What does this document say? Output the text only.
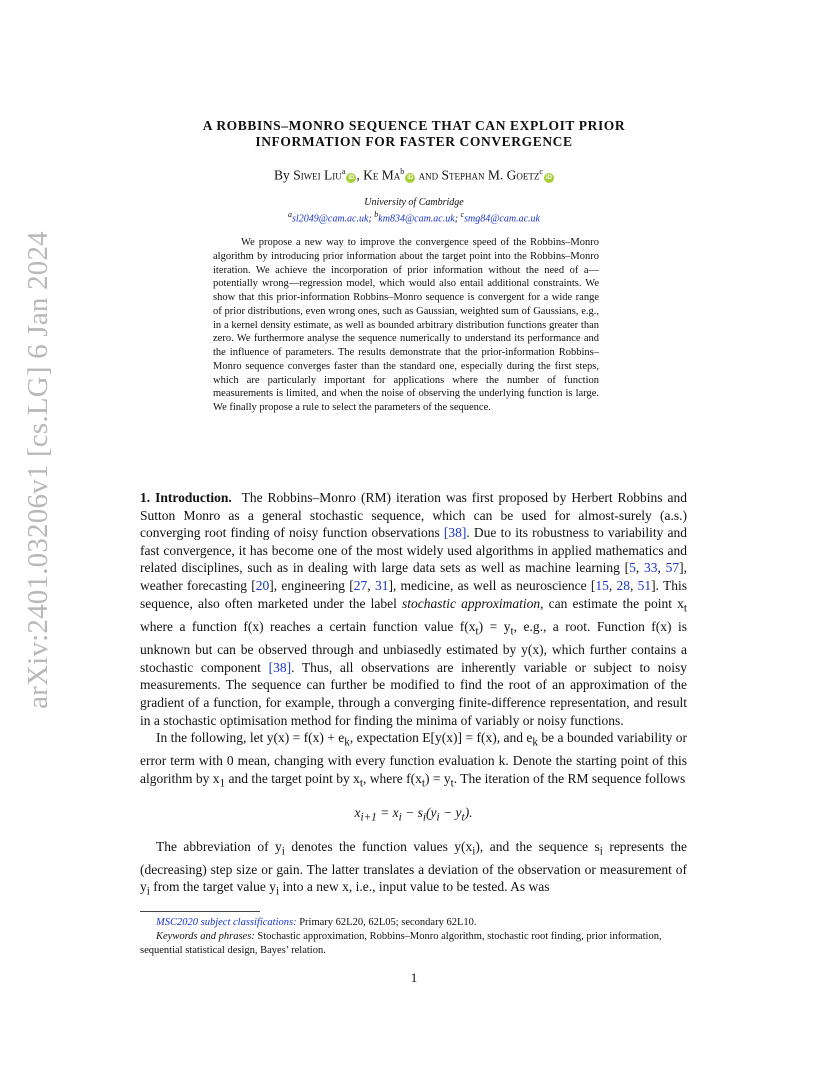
arXiv:2401.03206v1 [cs.LG] 6 Jan 2024
A ROBBINS–MONRO SEQUENCE THAT CAN EXPLOIT PRIOR INFORMATION FOR FASTER CONVERGENCE
By Siwei Liu$^a$iD , Ke Ma$^b$iD and Stephan M. Goetz$^c$iD
University of Cambridge
$^a$sl2049@cam.ac.uk; $^b$km834@cam.ac.uk; $^c$smg84@cam.ac.uk

We propose a new way to improve the convergence speed of the Robbins–Monro algorithm by introducing prior information about the target point into the Robbins–Monro iteration. We achieve the incorporation of prior information without the need of a—potentially wrong—regression model, which would also entail additional constraints. We show that this prior-information Robbins–Monro sequence is convergent for a wide range of prior distributions, even wrong ones, such as Gaussian, weighted sum of Gaussians, e.g., in a kernel density estimate, as well as bounded arbitrary distribution functions greater than zero. We furthermore analyse the sequence numerically to understand its performance and the influence of parameters. The results demonstrate that the prior-information Robbins–Monro sequence converges faster than the standard one, especially during the first steps, which are particularly important for applications where the number of function measurements is limited, and when the noise of observing the underlying function is large. We finally propose a rule to select the parameters of the sequence.

1. Introduction. The Robbins–Monro (RM) iteration was first proposed by Herbert Robbins and Sutton Monro as a general stochastic sequence, which can be used for almost-surely (a.s.) converging root finding of noisy function observations [38]. Due to its robustness to variability and fast convergence, it has become one of the most widely used algorithms in applied mathematics and related disciplines, such as in dealing with large data sets as well as machine learning [5, 33, 57], weather forecasting [20], engineering [27, 31], medicine, as well as neuroscience [15, 28, 51]. This sequence, also often marketed under the label stochastic approximation, can estimate the point $x_t$ where a function f(x) reaches a certain function value $f(x_t) = y_t$, e.g., a root. Function f(x) is unknown but can be observed through and unbiasedly estimated by y(x), which further contains a stochastic component [38]. Thus, all observations are inherently variable or subject to noisy measurements. The sequence can further be modified to find the root of an approximation of the gradient of a function, for example, through a converging finite-difference representation, and result in a stochastic optimisation method for finding the minima of variably or noisy functions.

In the following, let $y(x) = f(x) + e_k$, expectation E[y(x)] = f(x), and $e_k$ be a bounded variability or error term with 0 mean, changing with every function evaluation k. Denote the starting point of this algorithm by $x_1$ and the target point by $x_t$, where $f(x_t) = y_t$. The iteration of the RM sequence follows

$x_{i+1} = x_i - s_i(y_i - y_t)$.

The abbreviation of $y_i$ denotes the function values $y(x_i)$, and the sequence $s_i$ represents the (decreasing) step size or gain. The latter translates a deviation of the observation or measurement of $y_i$ from the target value $y_i$ into a new x, i.e., input value to be tested. As was

MSC2020 subject classifications: Primary 62L20, 62L05; secondary 62L10.

Keywords and phrases: Stochastic approximation, Robbins–Monro algorithm, stochastic root finding, prior information, sequential statistical design, Bayes’ relation.

1
